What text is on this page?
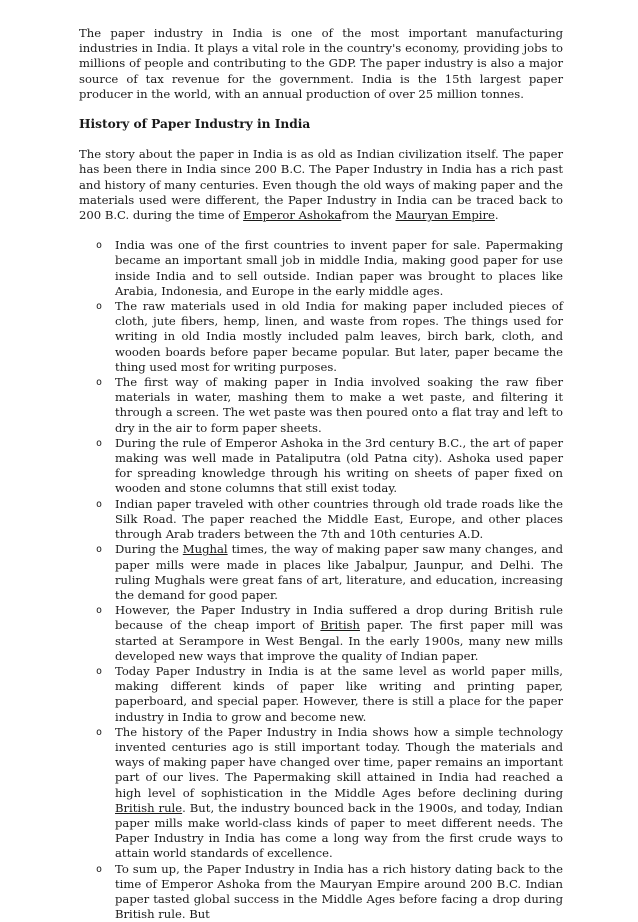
The paper industry in India is one of the most important manufacturing industries in India. It plays a vital role in the country's economy, providing jobs to millions of people and contributing to the GDP. The paper industry is also a major source of tax revenue for the government. India is the 15th largest paper producer in the world, with an annual production of over 25 million tonnes.

History of Paper Industry in India

The story about the paper in India is as old as Indian civilization itself. The paper has been there in India since 200 B.C. The Paper Industry in India has a rich past and history of many centuries. Even though the old ways of making paper and the materials used were different, the Paper Industry in India can be traced back to 200 B.C. during the time of Emperor Ashokafrom the Mauryan Empire.

o India was one of the first countries to invent paper for sale. Papermaking became an important small job in middle India, making good paper for use inside India and to sell outside. Indian paper was brought to places like Arabia, Indonesia, and Europe in the early middle ages.
o The raw materials used in old India for making paper included pieces of cloth, jute fibers, hemp, linen, and waste from ropes. The things used for writing in old India mostly included palm leaves, birch bark, cloth, and wooden boards before paper became popular. But later, paper became the thing used most for writing purposes.
o The first way of making paper in India involved soaking the raw fiber materials in water, mashing them to make a wet paste, and filtering it through a screen. The wet paste was then poured onto a flat tray and left to dry in the air to form paper sheets.
o During the rule of Emperor Ashoka in the 3rd century B.C., the art of paper making was well made in Pataliputra (old Patna city). Ashoka used paper for spreading knowledge through his writing on sheets of paper fixed on wooden and stone columns that still exist today.
o Indian paper traveled with other countries through old trade roads like the Silk Road. The paper reached the Middle East, Europe, and other places through Arab traders between the 7th and 10th centuries A.D.
o During the Mughal times, the way of making paper saw many changes, and paper mills were made in places like Jabalpur, Jaunpur, and Delhi. The ruling Mughals were great fans of art, literature, and education, increasing the demand for good paper.
o However, the Paper Industry in India suffered a drop during British rule because of the cheap import of British paper. The first paper mill was started at Serampore in West Bengal. In the early 1900s, many new mills developed new ways that improve the quality of Indian paper.
o Today Paper Industry in India is at the same level as world paper mills, making different kinds of paper like writing and printing paper, paperboard, and special paper. However, there is still a place for the paper industry in India to grow and become new.
o The history of the Paper Industry in India shows how a simple technology invented centuries ago is still important today. Though the materials and ways of making paper have changed over time, paper remains an important part of our lives. The Papermaking skill attained in India had reached a high level of sophistication in the Middle Ages before declining during British rule. But, the industry bounced back in the 1900s, and today, Indian paper mills make world-class kinds of paper to meet different needs. The Paper Industry in India has come a long way from the first crude ways to attain world standards of excellence.
o To sum up, the Paper Industry in India has a rich history dating back to the time of Emperor Ashoka from the Mauryan Empire around 200 B.C. Indian paper tasted global success in the Middle Ages before facing a drop during British rule. But
